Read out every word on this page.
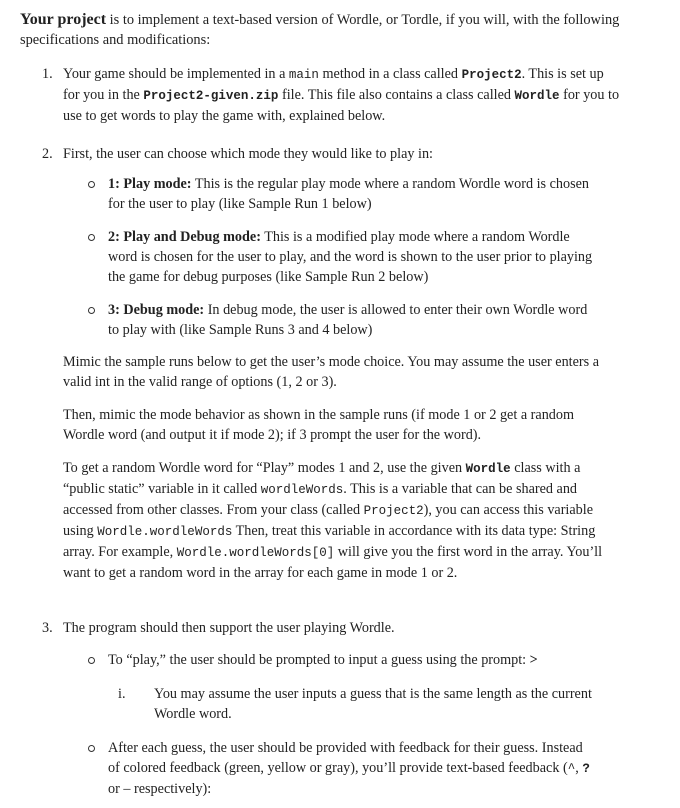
Your project is to implement a text-based version of Wordle, or Tordle, if you will, with the following specifications and modifications:

1. Your game should be implemented in a main method in a class called Project2. This is set up for you in the Project2-given.zip file. This file also contains a class called Wordle for you to use to get words to play the game with, explained below.

2. First, the user can choose which mode they would like to play in:

1: Play mode: This is the regular play mode where a random Wordle word is chosen for the user to play (like Sample Run 1 below)

2: Play and Debug mode: This is a modified play mode where a random Wordle word is chosen for the user to play, and the word is shown to the user prior to playing the game for debug purposes (like Sample Run 2 below)

3: Debug mode: In debug mode, the user is allowed to enter their own Wordle word to play with (like Sample Runs 3 and 4 below)

Mimic the sample runs below to get the user’s mode choice. You may assume the user enters a valid int in the valid range of options (1, 2 or 3).

Then, mimic the mode behavior as shown in the sample runs (if mode 1 or 2 get a random Wordle word (and output it if mode 2); if 3 prompt the user for the word).

To get a random Wordle word for “Play” modes 1 and 2, use the given Wordle class with a “public static” variable in it called wordleWords. This is a variable that can be shared and accessed from other classes. From your class (called Project2), you can access this variable using Wordle.wordleWords Then, treat this variable in accordance with its data type: String array. For example, Wordle.wordleWords[0] will give you the first word in the array. You’ll want to get a random word in the array for each game in mode 1 or 2.

3. The program should then support the user playing Wordle.

To “play,” the user should be prompted to input a guess using the prompt: >

i. You may assume the user inputs a guess that is the same length as the current Wordle word.

After each guess, the user should be provided with feedback for their guess. Instead of colored feedback (green, yellow or gray), you’ll provide text-based feedback (^, ? or – respectively):
